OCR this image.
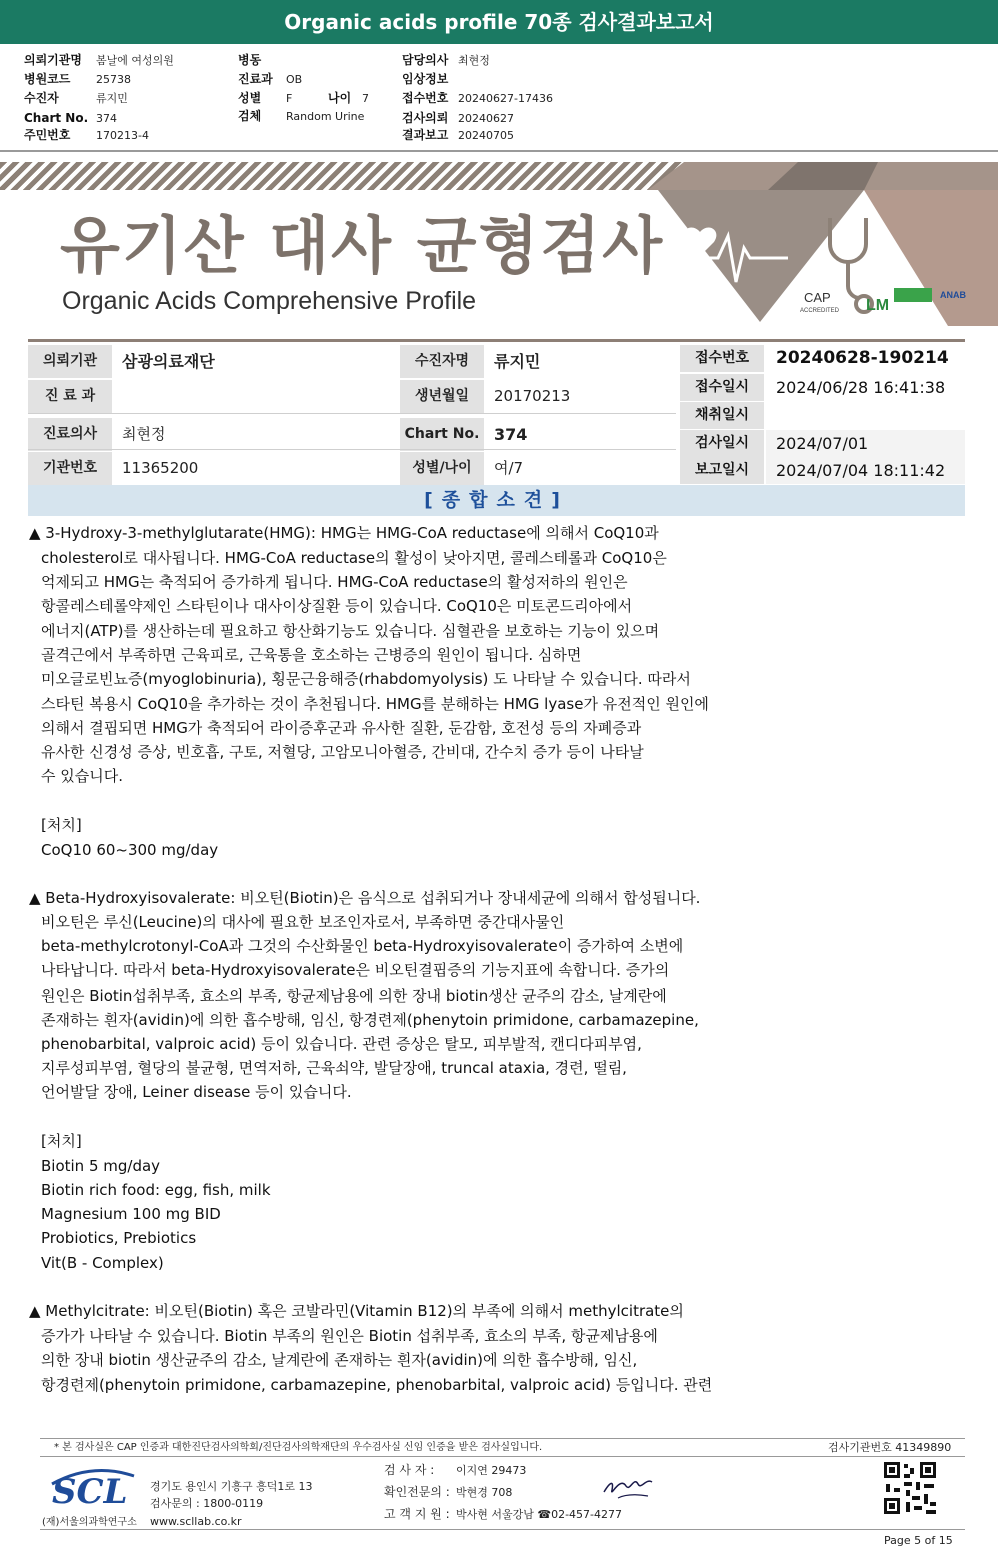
Organic acids profile 70종 검사결과보고서
의뢰기관명 봄날에 여성의원
병원코드 25738
수진자	류지민
Chart No. 374
주민번호 170213-4
병동
진료과 OB
성별 F	나이 7
검체 Random Urine
담당의사 최현정
임상정보
접수번호 20240627-17436
검사의뢰 20240627
결과보고 20240705
CAP
ACCREDITED LM
ANAB
유기산 대사 균형검사
Organic Acids Comprehensive Profile
의뢰기관	삼광의료재단
진 료 과
진료의사	최현정
기관번호	11365200
수진자명	류지민
생년월일	20170213
Chart No. 374
성별/나이	여/7
접수번호	20240628-190214
접수일시	2024/06/28 16:41:38
채취일시
검사일시	2024/07/01
보고일시	2024/07/04 18:11:42
[종합소견]
▲ 3-Hydroxy-3-methylglutarate(HMG): HMG는 HMG-CoA reductase에 의해서 CoQ10과
cholesterol로 대사됩니다. HMG-CoA reductase의 활성이 낮아지면, 콜레스테롤과 CoQ10은
억제되고 HMG는 축적되어 증가하게 됩니다. HMG-CoA reductase의 활성저하의 원인은
항콜레스테롤약제인 스타틴이나 대사이상질환 등이 있습니다. CoQ10은 미토콘드리아에서
에너지(ATP)를 생산하는데 필요하고 항산화기능도 있습니다. 심혈관을 보호하는 기능이 있으며
골격근에서 부족하면 근육피로, 근육통을 호소하는 근병증의 원인이 됩니다. 심하면
미오글로빈뇨증(myoglobinuria), 횡문근융해증(rhabdomyolysis) 도 나타날 수 있습니다. 따라서
스타틴 복용시 CoQ10을 추가하는 것이 추천됩니다. HMG를 분해하는 HMG lyase가 유전적인 원인에
의해서 결핍되면 HMG가 축적되어 라이증후군과 유사한 질환, 둔감함, 호전성 등의 자폐증과
유사한 신경성 증상, 빈호흡, 구토, 저혈당, 고암모니아혈증, 간비대, 간수치 증가 등이 나타날
수 있습니다.
[처치]
CoQ10 60~300 mg/day
▲ Beta-Hydroxyisovalerate: 비오틴(Biotin)은 음식으로 섭취되거나 장내세균에 의해서 합성됩니다.
비오틴은 루신(Leucine)의 대사에 필요한 보조인자로서, 부족하면 중간대사물인
beta-methylcrotonyl-CoA과 그것의 수산화물인 beta-Hydroxyisovalerate이 증가하여 소변에
나타납니다. 따라서 beta-Hydroxyisovalerate은 비오틴결핍증의 기능지표에 속합니다. 증가의
원인은 Biotin섭취부족, 효소의 부족, 항균제남용에 의한 장내 biotin생산 균주의 감소, 날계란에
존재하는 흰자(avidin)에 의한 흡수방해, 임신, 항경련제(phenytoin primidone, carbamazepine,
phenobarbital, valproic acid) 등이 있습니다. 관련 증상은 탈모, 피부발적, 캔디다피부염,
지루성피부염, 혈당의 불균형, 면역저하, 근육쇠약, 발달장애, truncal ataxia, 경련, 떨림,
언어발달 장애, Leiner disease 등이 있습니다.
[처치]
Biotin 5 mg/day
Biotin rich food: egg, fish, milk
Magnesium 100 mg BID
Probiotics, Prebiotics
Vit(B - Complex)
▲ Methylcitrate: 비오틴(Biotin) 혹은 코발라민(Vitamin B12)의 부족에 의해서 methylcitrate의
증가가 나타날 수 있습니다. Biotin 부족의 원인은 Biotin 섭취부족, 효소의 부족, 항균제남용에
의한 장내 biotin 생산균주의 감소, 날계란에 존재하는 흰자(avidin)에 의한 흡수방해, 임신,
항경련제(phenytoin primidone, carbamazepine, phenobarbital, valproic acid) 등입니다. 관련
* 본 검사실은 CAP 인증과 대한진단검사의학회/진단검사의학재단의 우수검사실 신임 인증을 받은 검사실입니다.	검사기관번호 41349890
SCL
(재)서울의과학연구소
경기도 용인시 기흥구 흥덕1로 13
검사문의 : 1800-0119
www.scllab.co.kr
검 사 자 : 이지연 29473
확인전문의 : 박현경 708
고 객 지 원 : 박사현 서울강남 ☎02-457-4277
Page 5 of 15
